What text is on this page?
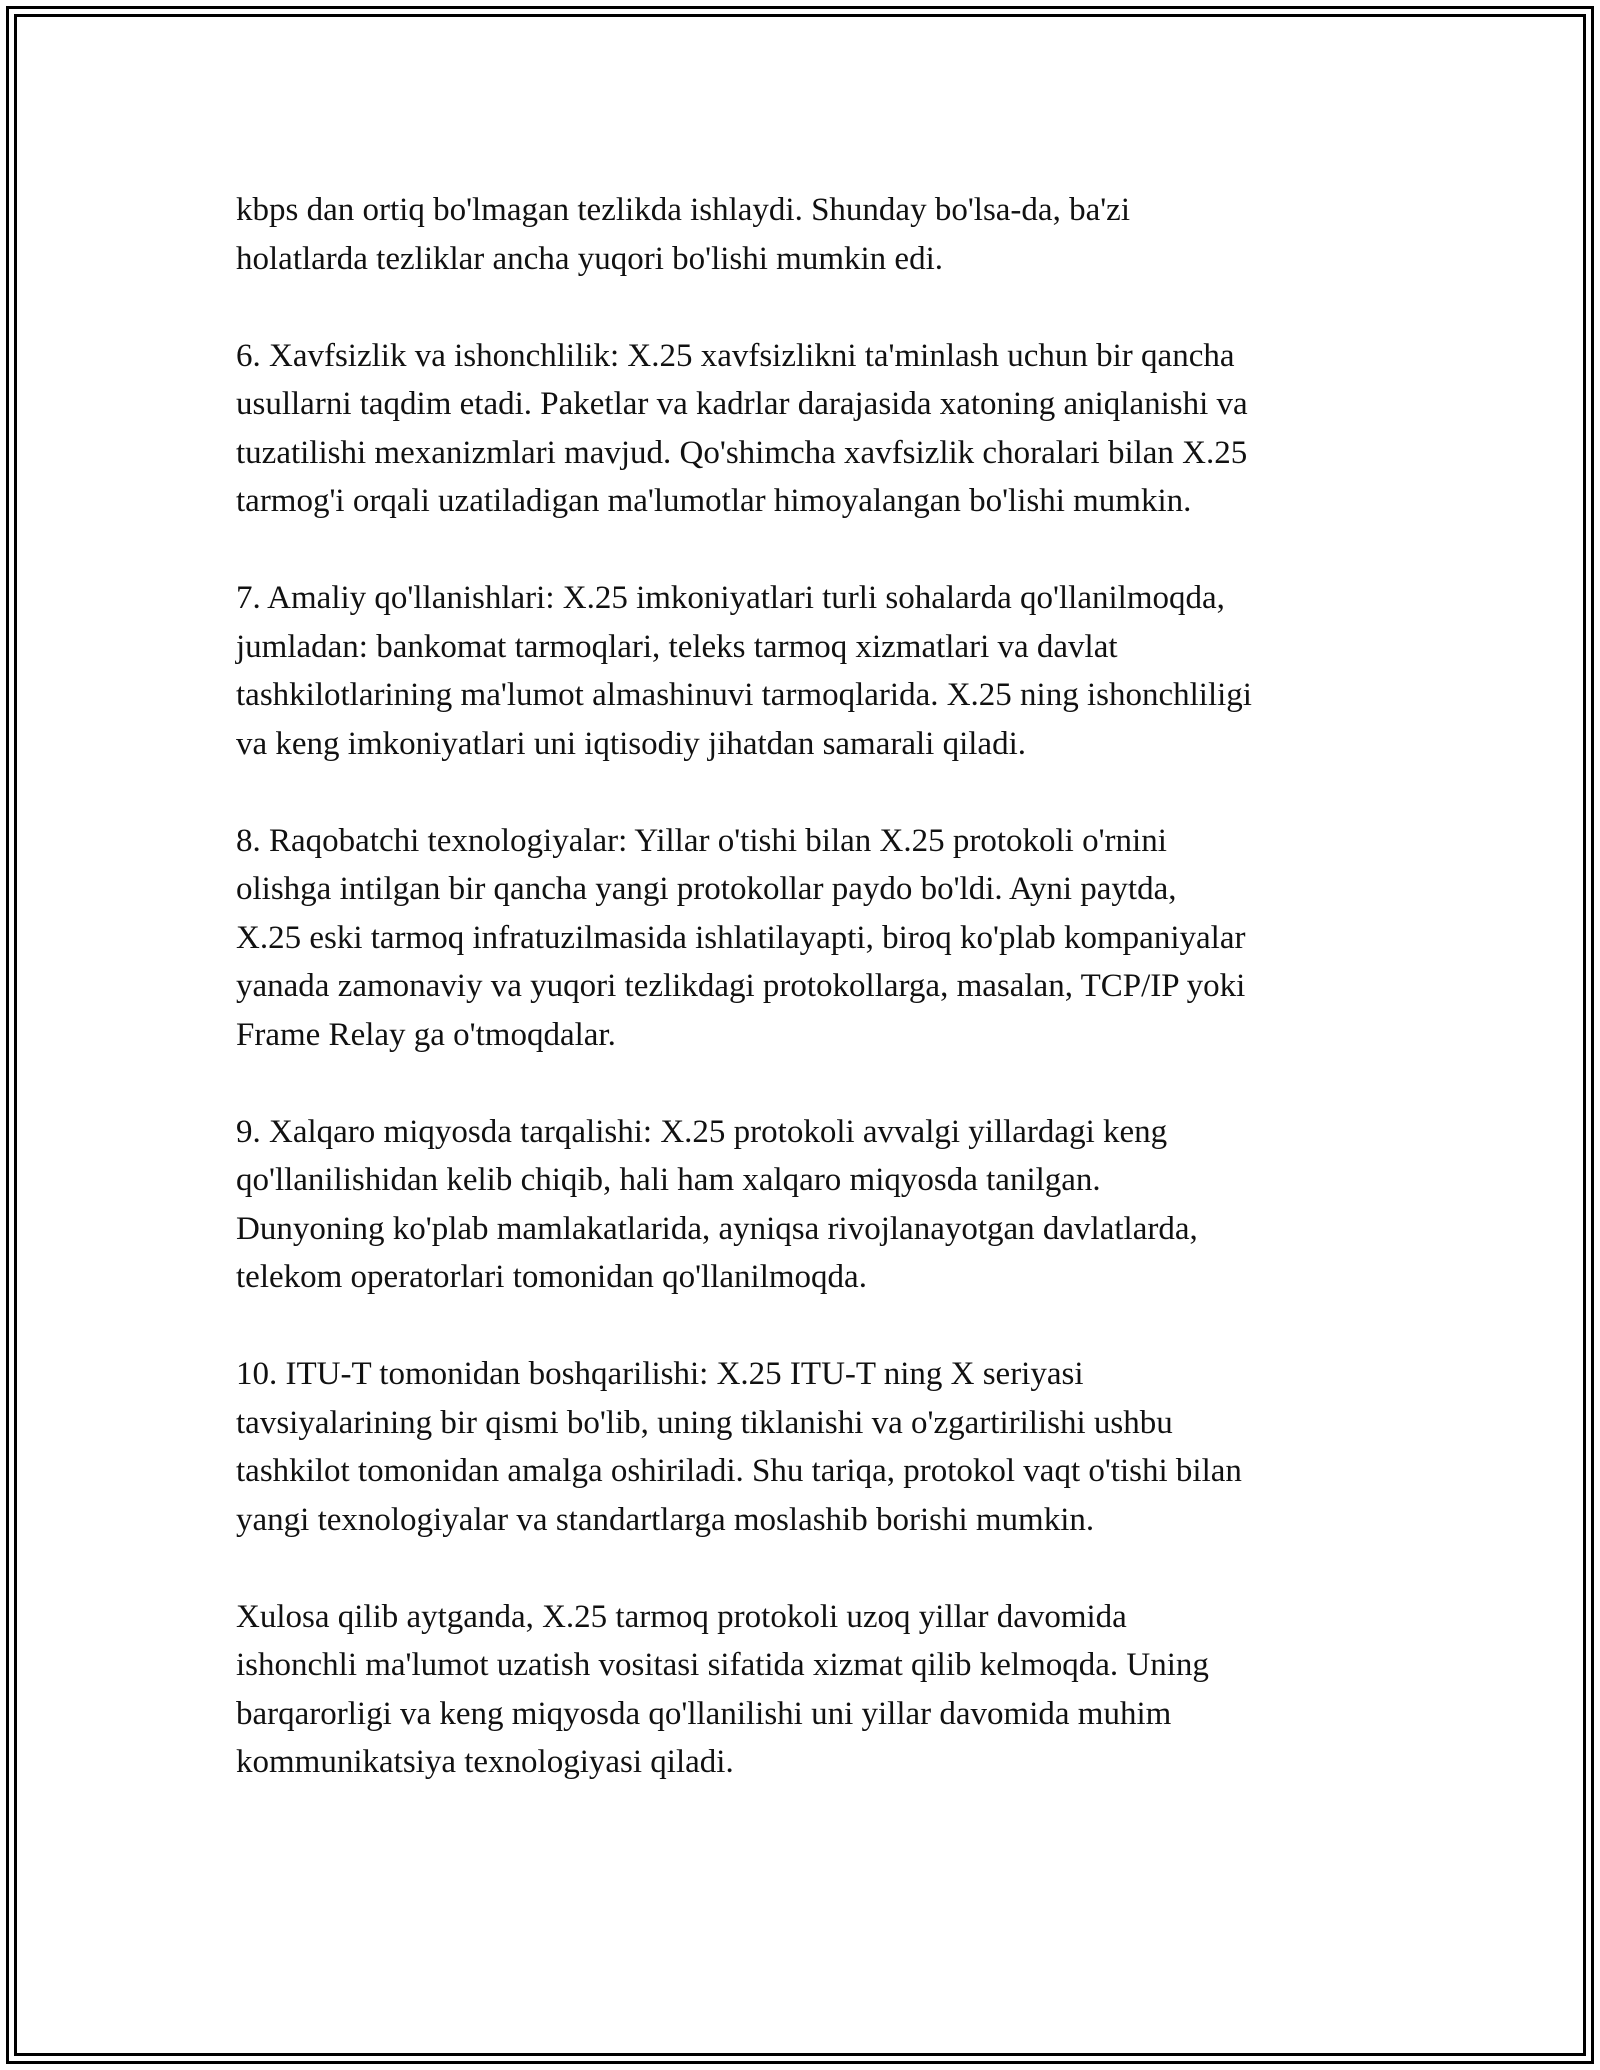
kbps dan ortiq bo'lmagan tezlikda ishlaydi. Shunday bo'lsa-da, ba'zi
holatlarda tezliklar ancha yuqori bo'lishi mumkin edi.

6. Xavfsizlik va ishonchlilik: X.25 xavfsizlikni ta'minlash uchun bir qancha
usullarni taqdim etadi. Paketlar va kadrlar darajasida xatoning aniqlanishi va
tuzatilishi mexanizmlari mavjud. Qo'shimcha xavfsizlik choralari bilan X.25
tarmog'i orqali uzatiladigan ma'lumotlar himoyalangan bo'lishi mumkin.

7. Amaliy qo'llanishlari: X.25 imkoniyatlari turli sohalarda qo'llanilmoqda,
jumladan: bankomat tarmoqlari, teleks tarmoq xizmatlari va davlat
tashkilotlarining ma'lumot almashinuvi tarmoqlarida. X.25 ning ishonchliligi
va keng imkoniyatlari uni iqtisodiy jihatdan samarali qiladi.

8. Raqobatchi texnologiyalar: Yillar o'tishi bilan X.25 protokoli o'rnini
olishga intilgan bir qancha yangi protokollar paydo bo'ldi. Ayni paytda,
X.25 eski tarmoq infratuzilmasida ishlatilayapti, biroq ko'plab kompaniyalar
yanada zamonaviy va yuqori tezlikdagi protokollarga, masalan, TCP/IP yoki
Frame Relay ga o'tmoqdalar.

9. Xalqaro miqyosda tarqalishi: X.25 protokoli avvalgi yillardagi keng
qo'llanilishidan kelib chiqib, hali ham xalqaro miqyosda tanilgan.
Dunyoning ko'plab mamlakatlarida, ayniqsa rivojlanayotgan davlatlarda,
telekom operatorlari tomonidan qo'llanilmoqda.

10. ITU-T tomonidan boshqarilishi: X.25 ITU-T ning X seriyasi
tavsiyalarining bir qismi bo'lib, uning tiklanishi va o'zgartirilishi ushbu
tashkilot tomonidan amalga oshiriladi. Shu tariqa, protokol vaqt o'tishi bilan
yangi texnologiyalar va standartlarga moslashib borishi mumkin.

Xulosa qilib aytganda, X.25 tarmoq protokoli uzoq yillar davomida
ishonchli ma'lumot uzatish vositasi sifatida xizmat qilib kelmoqda. Uning
barqarorligi va keng miqyosda qo'llanilishi uni yillar davomida muhim
kommunikatsiya texnologiyasi qiladi.
